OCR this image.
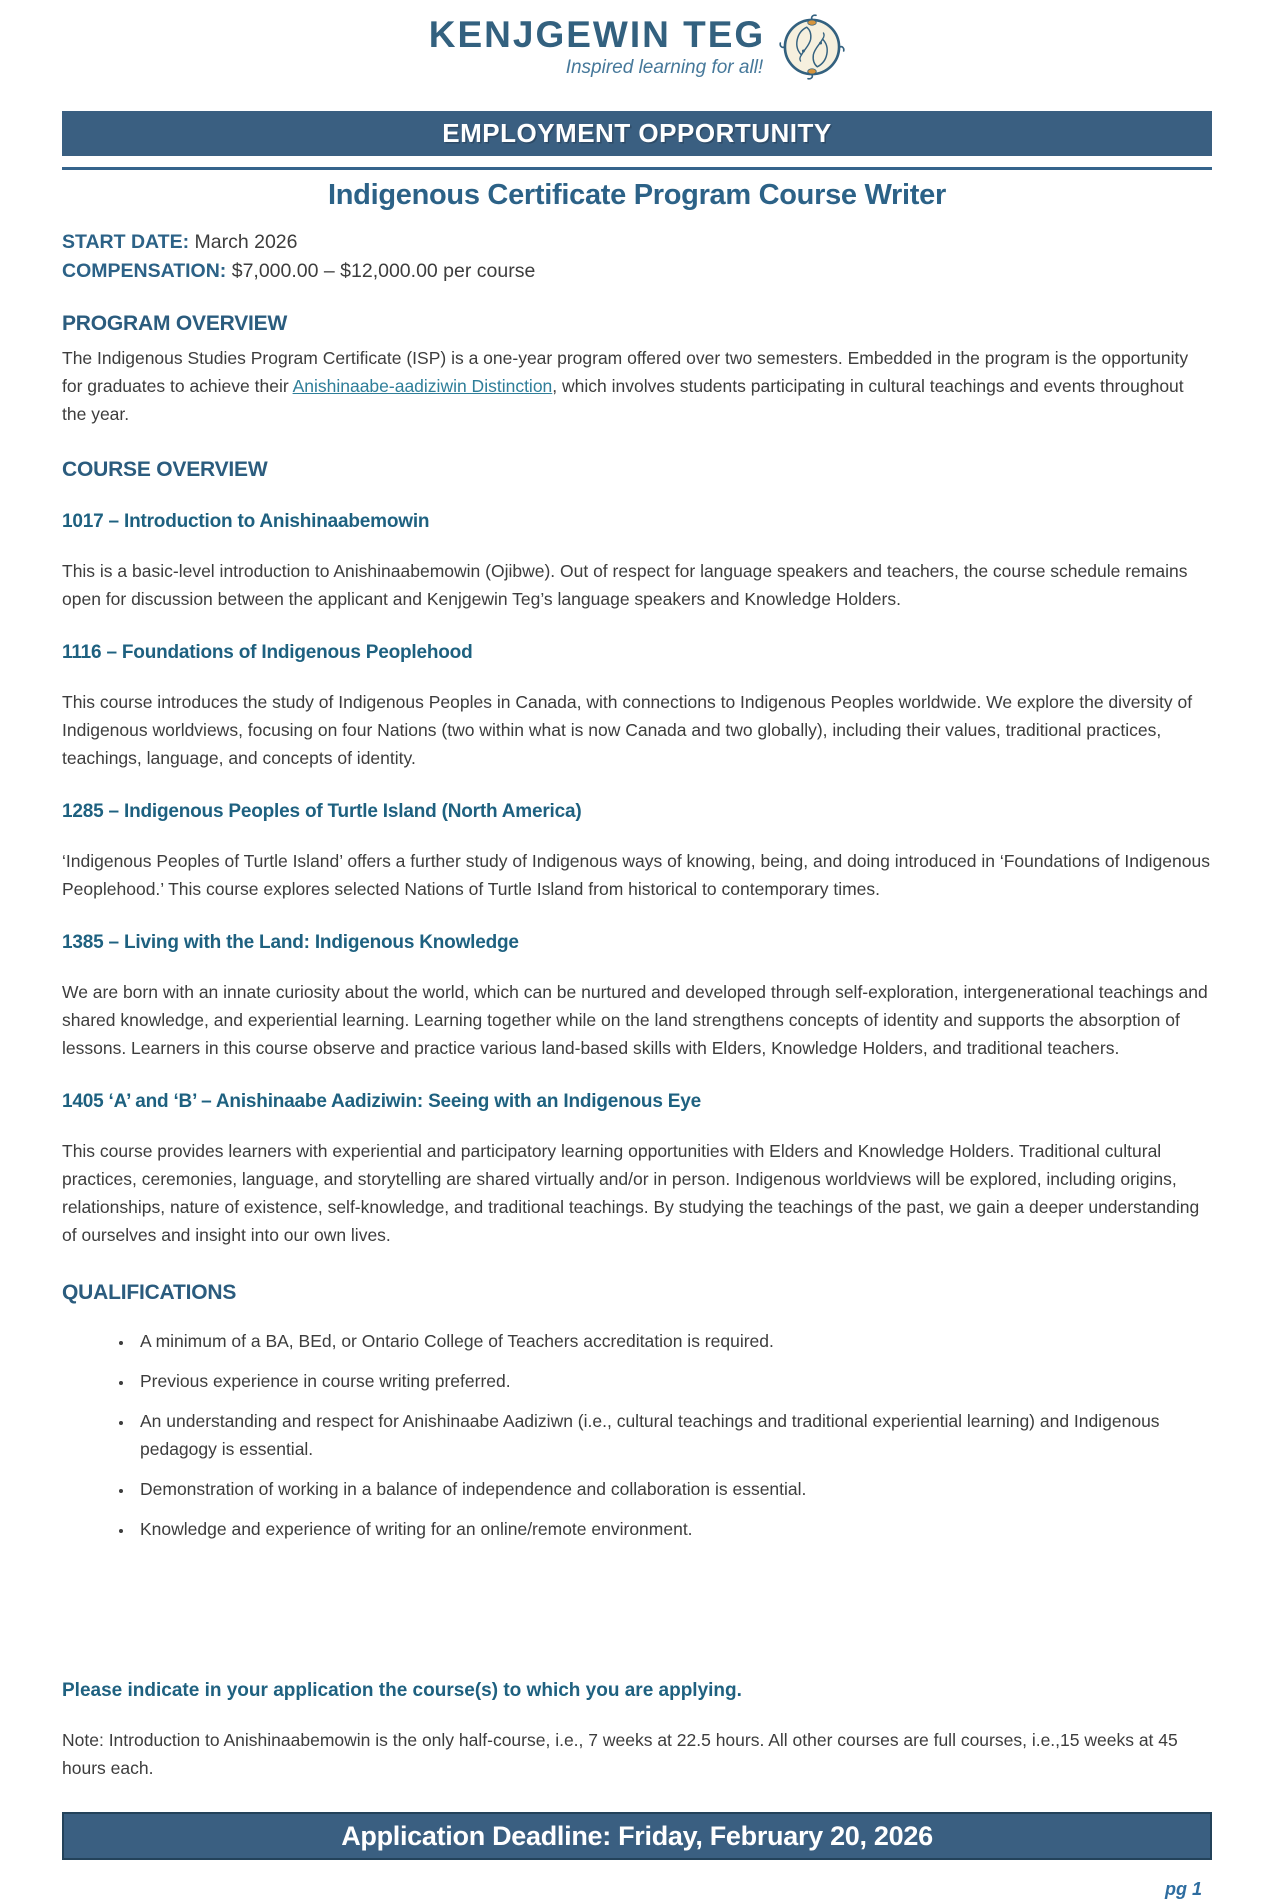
KENJGEWIN TEG
Inspired learning for all!
EMPLOYMENT OPPORTUNITY
Indigenous Certificate Program Course Writer
START DATE: March 2026
COMPENSATION: $7,000.00 – $12,000.00 per course
PROGRAM OVERVIEW

The Indigenous Studies Program Certificate (ISP) is a one-year program offered over two semesters. Embedded in the program is the opportunity for graduates to achieve their Anishinaabe-aadiziwin Distinction, which involves students participating in cultural teachings and events throughout the year.

COURSE OVERVIEW
1017 – Introduction to Anishinaabemowin

This is a basic-level introduction to Anishinaabemowin (Ojibwe). Out of respect for language speakers and teachers, the course schedule remains open for discussion between the applicant and Kenjgewin Teg’s language speakers and Knowledge Holders.

1116 – Foundations of Indigenous Peoplehood

This course introduces the study of Indigenous Peoples in Canada, with connections to Indigenous Peoples worldwide. We explore the diversity of Indigenous worldviews, focusing on four Nations (two within what is now Canada and two globally), including their values, traditional practices, teachings, language, and concepts of identity.

1285 – Indigenous Peoples of Turtle Island (North America)

‘Indigenous Peoples of Turtle Island’ offers a further study of Indigenous ways of knowing, being, and doing introduced in ‘Foundations of Indigenous Peoplehood.’ This course explores selected Nations of Turtle Island from historical to contemporary times.

1385 – Living with the Land: Indigenous Knowledge

We are born with an innate curiosity about the world, which can be nurtured and developed through self-exploration, intergenerational teachings and shared knowledge, and experiential learning. Learning together while on the land strengthens concepts of identity and supports the absorption of lessons. Learners in this course observe and practice various land-based skills with Elders, Knowledge Holders, and traditional teachers.

1405 ‘A’ and ‘B’ – Anishinaabe Aadiziwin: Seeing with an Indigenous Eye

This course provides learners with experiential and participatory learning opportunities with Elders and Knowledge Holders. Traditional cultural practices, ceremonies, language, and storytelling are shared virtually and/or in person. Indigenous worldviews will be explored, including origins, relationships, nature of existence, self-knowledge, and traditional teachings. By studying the teachings of the past, we gain a deeper understanding of ourselves and insight into our own lives.

QUALIFICATIONS
• A minimum of a BA, BEd, or Ontario College of Teachers accreditation is required.
• Previous experience in course writing preferred.
• An understanding and respect for Anishinaabe Aadiziwn (i.e., cultural teachings and traditional experiential learning) and Indigenous pedagogy is essential.
• Demonstration of working in a balance of independence and collaboration is essential.
• Knowledge and experience of writing for an online/remote environment.

Please indicate in your application the course(s) to which you are applying.

Note: Introduction to Anishinaabemowin is the only half-course, i.e., 7 weeks at 22.5 hours. All other courses are full courses, i.e.,15 weeks at 45 hours each.

Application Deadline: Friday, February 20, 2026
pg 1
